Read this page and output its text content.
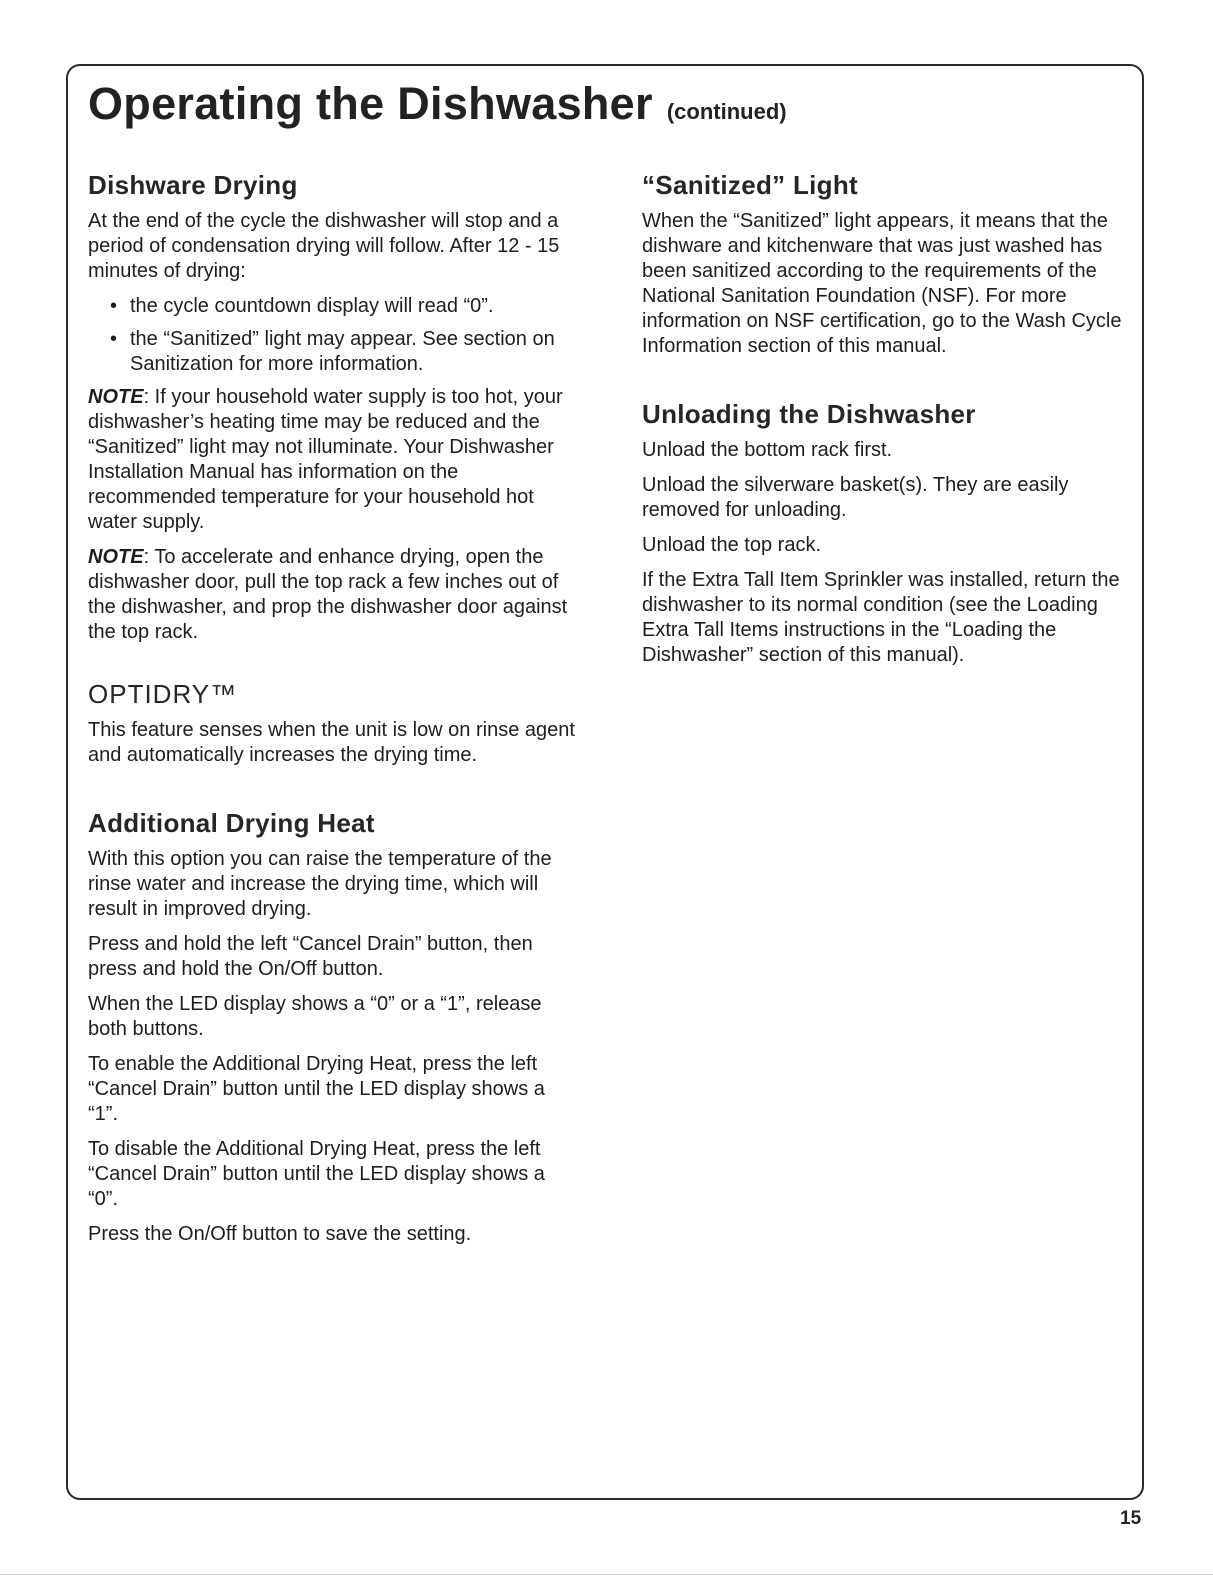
Operating the Dishwasher (continued)
Dishware Drying

At the end of the cycle the dishwasher will stop and a period of condensation drying will follow. After 12 - 15 minutes of drying:

• the cycle countdown display will read “0”.
• the “Sanitized” light may appear. See section on Sanitization for more information.

NOTE: If your household water supply is too hot, your dishwasher’s heating time may be reduced and the “Sanitized” light may not illuminate. Your Dishwasher Installation Manual has information on the recommended temperature for your household hot water supply.

NOTE: To accelerate and enhance drying, open the dishwasher door, pull the top rack a few inches out of the dishwasher, and prop the dishwasher door against the top rack.

OPTIDRY™

This feature senses when the unit is low on rinse agent and automatically increases the drying time.

Additional Drying Heat

With this option you can raise the temperature of the rinse water and increase the drying time, which will result in improved drying.

Press and hold the left “Cancel Drain” button, then press and hold the On/Off button.

When the LED display shows a “0” or a “1”, release both buttons.

To enable the Additional Drying Heat, press the left “Cancel Drain” button until the LED display shows a “1”.

To disable the Additional Drying Heat, press the left “Cancel Drain” button until the LED display shows a “0”.

Press the On/Off button to save the setting.

“Sanitized” Light

When the “Sanitized” light appears, it means that the dishware and kitchenware that was just washed has been sanitized according to the requirements of the National Sanitation Foundation (NSF). For more information on NSF certification, go to the Wash Cycle Information section of this manual.

Unloading the Dishwasher

Unload the bottom rack first.

Unload the silverware basket(s). They are easily removed for unloading.

Unload the top rack.

If the Extra Tall Item Sprinkler was installed, return the dishwasher to its normal condition (see the Loading Extra Tall Items instructions in the “Loading the Dishwasher” section of this manual).

15
